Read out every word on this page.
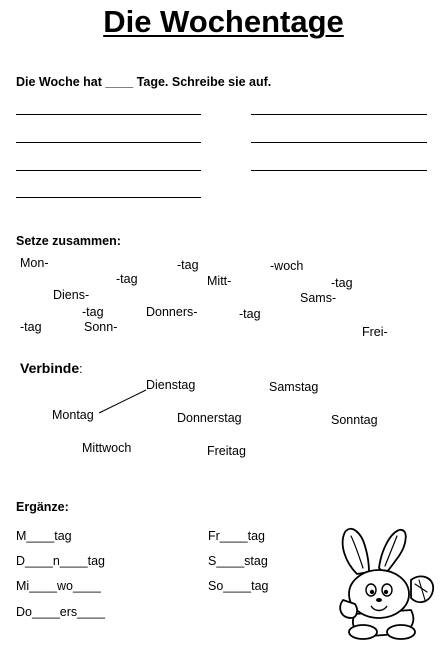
Die Wochentage
Die Woche hat ____ Tage. Schreibe sie auf.
Setze zusammen:
Mon-
-tag
-tag	-woch
Mitt-	-tag
Diens-	Sams-
-tag	Donners-	-tag
-tag	Sonn-	Frei-
Verbinde:
Dienstag	Samstag
Montag	Donnerstag	Sonntag
Mittwoch	Freitag
Ergänze:
M____tag	Fr____tag
D____n____tag	S____stag
Mi____wo____	So____tag
Do____ers____
